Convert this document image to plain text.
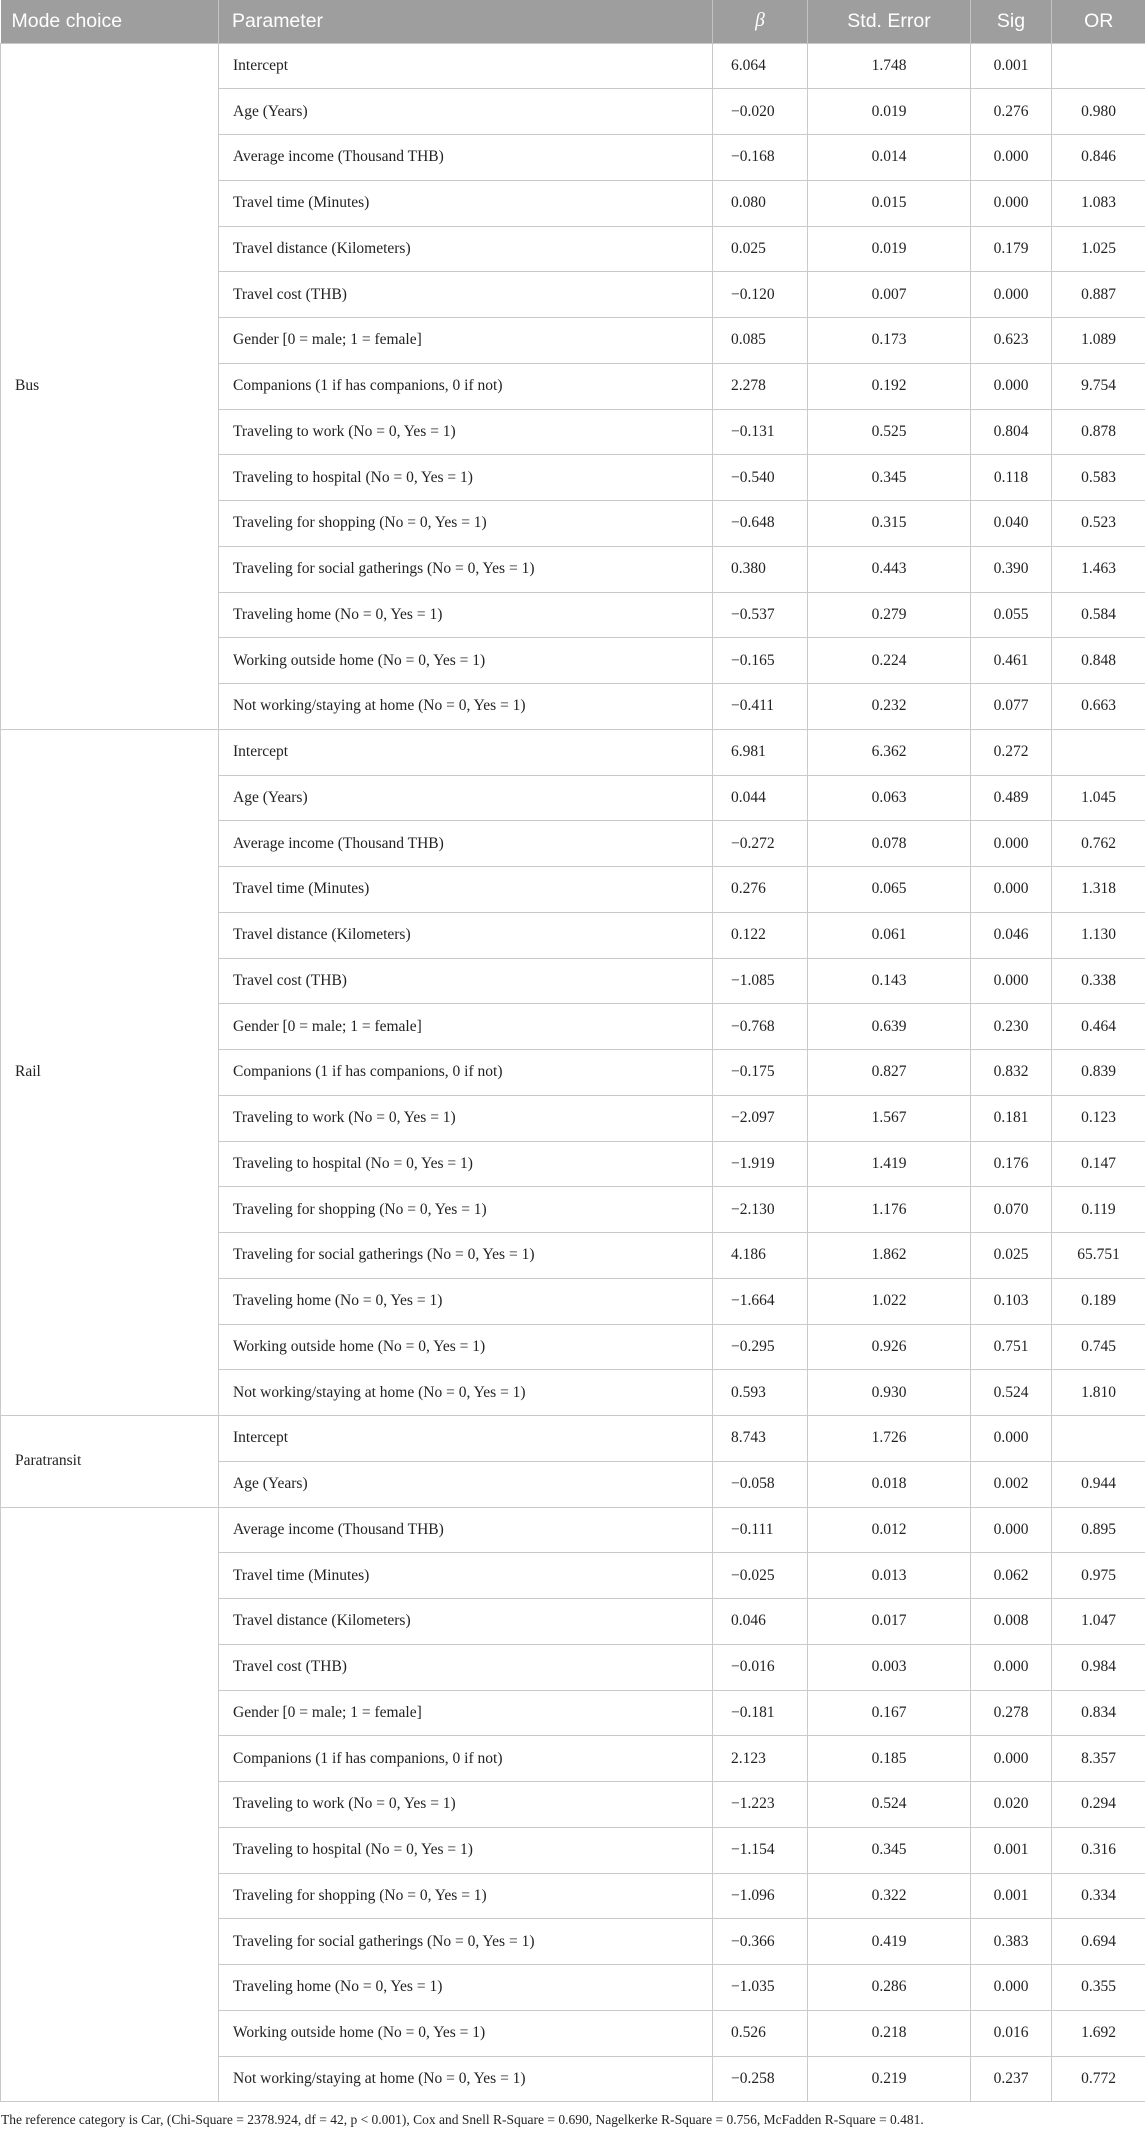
Mode choice	Parameter	β	Std. Error	Sig	OR
Bus	Intercept	6.064	1.748	0.001	
	Age (Years)	−0.020	0.019	0.276	0.980
	Average income (Thousand THB)	−0.168	0.014	0.000	0.846
	Travel time (Minutes)	0.080	0.015	0.000	1.083
	Travel distance (Kilometers)	0.025	0.019	0.179	1.025
	Travel cost (THB)	−0.120	0.007	0.000	0.887
	Gender [0 = male; 1 = female]	0.085	0.173	0.623	1.089
	Companions (1 if has companions, 0 if not)	2.278	0.192	0.000	9.754
	Traveling to work (No = 0, Yes = 1)	−0.131	0.525	0.804	0.878
	Traveling to hospital (No = 0, Yes = 1)	−0.540	0.345	0.118	0.583
	Traveling for shopping (No = 0, Yes = 1)	−0.648	0.315	0.040	0.523
	Traveling for social gatherings (No = 0, Yes = 1)	0.380	0.443	0.390	1.463
	Traveling home (No = 0, Yes = 1)	−0.537	0.279	0.055	0.584
	Working outside home (No = 0, Yes = 1)	−0.165	0.224	0.461	0.848
	Not working/staying at home (No = 0, Yes = 1)	−0.411	0.232	0.077	0.663
Rail	Intercept	6.981	6.362	0.272	
	Age (Years)	0.044	0.063	0.489	1.045
	Average income (Thousand THB)	−0.272	0.078	0.000	0.762
	Travel time (Minutes)	0.276	0.065	0.000	1.318
	Travel distance (Kilometers)	0.122	0.061	0.046	1.130
	Travel cost (THB)	−1.085	0.143	0.000	0.338
	Gender [0 = male; 1 = female]	−0.768	0.639	0.230	0.464
	Companions (1 if has companions, 0 if not)	−0.175	0.827	0.832	0.839
	Traveling to work (No = 0, Yes = 1)	−2.097	1.567	0.181	0.123
	Traveling to hospital (No = 0, Yes = 1)	−1.919	1.419	0.176	0.147
	Traveling for shopping (No = 0, Yes = 1)	−2.130	1.176	0.070	0.119
	Traveling for social gatherings (No = 0, Yes = 1)	4.186	1.862	0.025	65.751
	Traveling home (No = 0, Yes = 1)	−1.664	1.022	0.103	0.189
	Working outside home (No = 0, Yes = 1)	−0.295	0.926	0.751	0.745
	Not working/staying at home (No = 0, Yes = 1)	0.593	0.930	0.524	1.810
Paratransit	Intercept	8.743	1.726	0.000	
	Age (Years)	−0.058	0.018	0.002	0.944
	Average income (Thousand THB)	−0.111	0.012	0.000	0.895
	Travel time (Minutes)	−0.025	0.013	0.062	0.975
	Travel distance (Kilometers)	0.046	0.017	0.008	1.047
	Travel cost (THB)	−0.016	0.003	0.000	0.984
	Gender [0 = male; 1 = female]	−0.181	0.167	0.278	0.834
	Companions (1 if has companions, 0 if not)	2.123	0.185	0.000	8.357
	Traveling to work (No = 0, Yes = 1)	−1.223	0.524	0.020	0.294
	Traveling to hospital (No = 0, Yes = 1)	−1.154	0.345	0.001	0.316
	Traveling for shopping (No = 0, Yes = 1)	−1.096	0.322	0.001	0.334
	Traveling for social gatherings (No = 0, Yes = 1)	−0.366	0.419	0.383	0.694
	Traveling home (No = 0, Yes = 1)	−1.035	0.286	0.000	0.355
	Working outside home (No = 0, Yes = 1)	0.526	0.218	0.016	1.692
	Not working/staying at home (No = 0, Yes = 1)	−0.258	0.219	0.237	0.772
The reference category is Car, (Chi-Square = 2378.924, df = 42, p < 0.001), Cox and Snell R-Square = 0.690, Nagelkerke R-Square = 0.756, McFadden R-Square = 0.481.
